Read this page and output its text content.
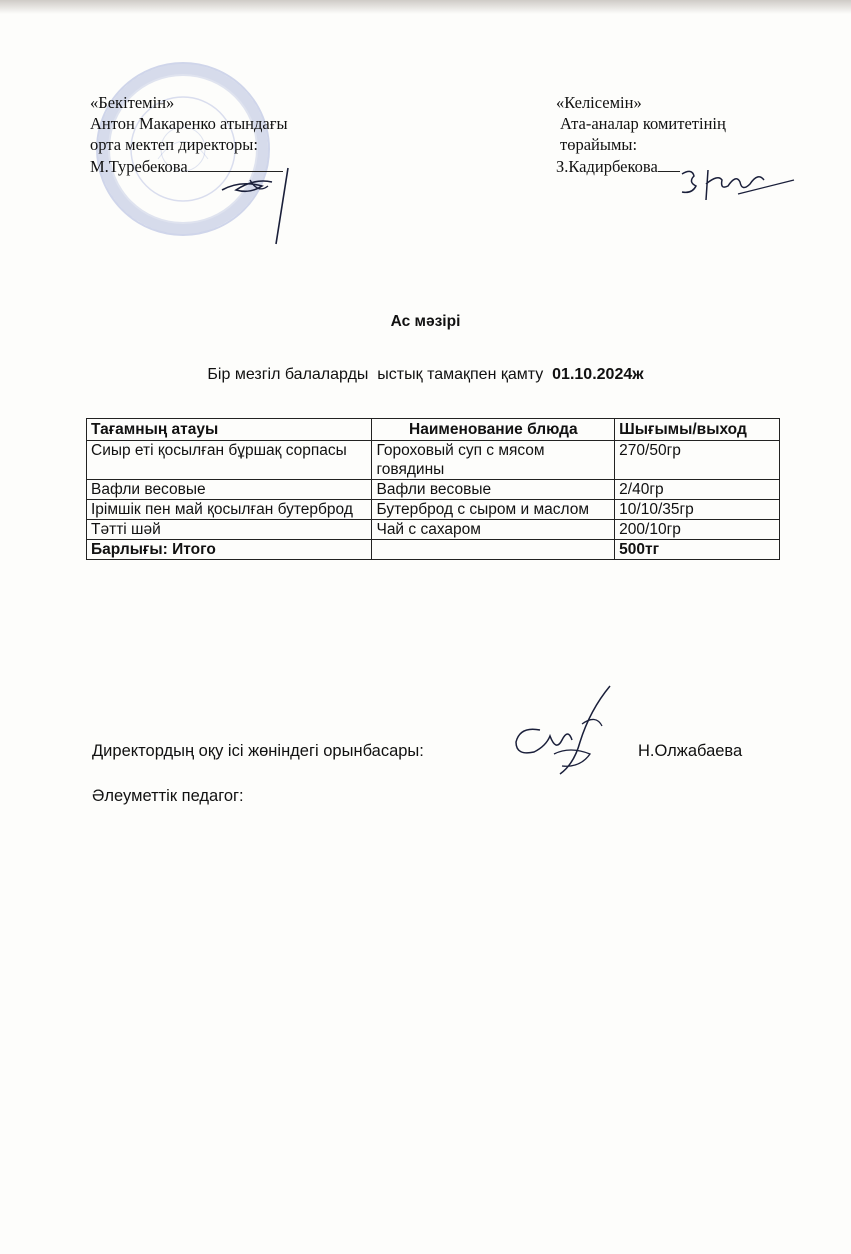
«Бекітемін»
Антон Макаренко атындағы
орта мектеп директоры:
М.Туребекова
«Келісемін»
Ата-аналар комитетінің
төрайымы:
З.Кадирбекова
Ас мәзірі
Бір мезгіл балаларды  ыстық тамақпен қамту  01.10.2024ж
Тағамның атауы	Наименование блюда	Шығымы/выход
Сиыр еті қосылған бұршақ сорпасы	Гороховый суп с мясом говядины	270/50гр
Вафли весовые	Вафли весовые	2/40гр
Ірімшік пен май қосылған бутерброд	Бутерброд с сыром и маслом	10/10/35гр
Тәтті шәй	Чай с сахаром	200/10гр
Барлығы: Итого		500тг
Директордың оқу ісі жөніндегі орынбасары:	Н.Олжабаева
Әлеуметтік педагог:
